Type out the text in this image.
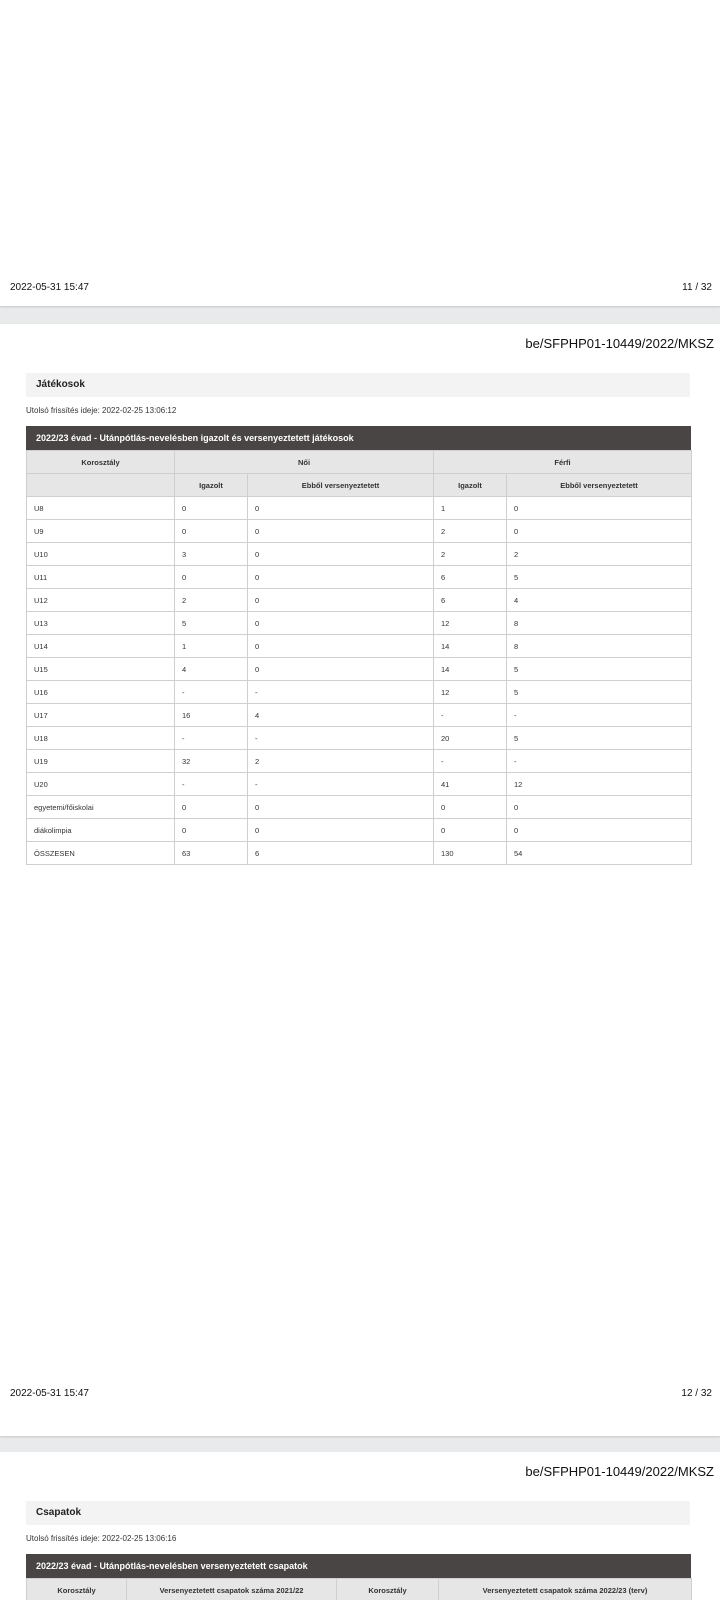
2022-05-31 15:47	11 / 32
be/SFPHP01-10449/2022/MKSZ
Játékosok
Utolsó frissítés ideje: 2022-02-25 13:06:12
2022/23 évad - Utánpótlás-nevelésben igazolt és versenyeztetett játékosok
Korosztály	Női		Férfi	
	Igazolt	Ebből versenyeztetett	Igazolt	Ebből versenyeztetett
U8	0	0	1	0
U9	0	0	2	0
U10	3	0	2	2
U11	0	0	6	5
U12	2	0	6	4
U13	5	0	12	8
U14	1	0	14	8
U15	4	0	14	5
U16	-	-	12	5
U17	16	4	-	-
U18	-	-	20	5
U19	32	2	-	-
U20	-	-	41	12
egyetemi/főiskolai	0	0	0	0
diákolimpia	0	0	0	0
ÖSSZESEN	63	6	130	54
2022-05-31 15:47	12 / 32
be/SFPHP01-10449/2022/MKSZ
Csapatok
Utolsó frissítés ideje: 2022-02-25 13:06:16
2022/23 évad - Utánpótlás-nevelésben versenyeztetett csapatok
Korosztály	Versenyeztetett csapatok száma 2021/22	Korosztály	Versenyeztetett csapatok száma 2022/23 (terv)
